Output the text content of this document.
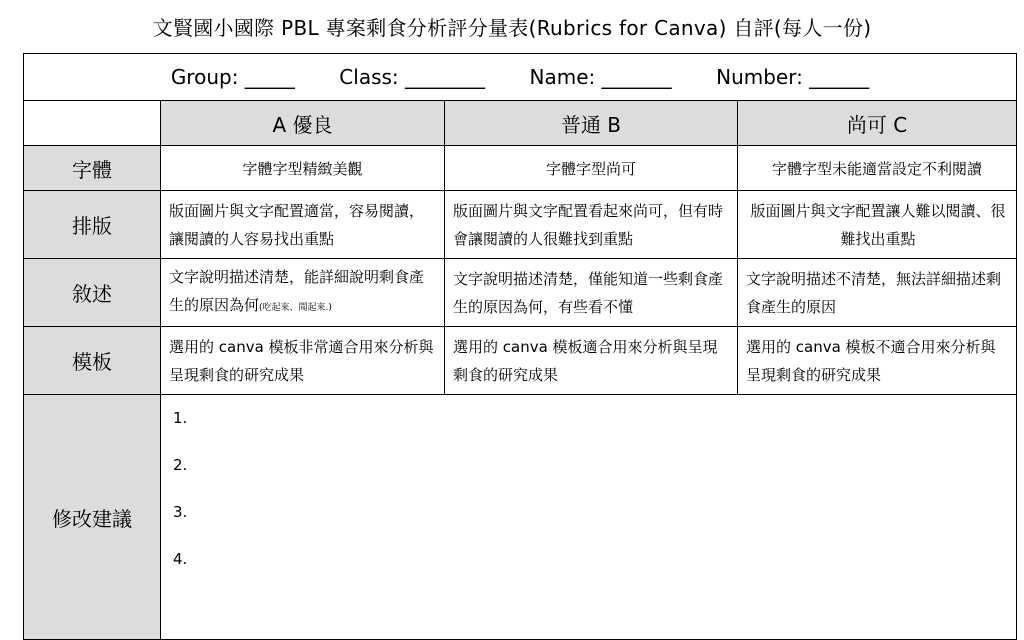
文賢國小國際 PBL 專案剩食分析評分量表(Rubrics for Canva) 自評(每人一份)
Group: _____       Class: ________       Name: _______       Number: ______			
	A 優良	普通 B	尚可 C
字體	字體字型精緻美觀	字體字型尚可	字體字型未能適當設定不利閱讀
排版	版面圖片與文字配置適當，容易閱讀，讓閱讀的人容易找出重點	版面圖片與文字配置看起來尚可，但有時會讓閱讀的人很難找到重點	版面圖片與文字配置讓人難以閱讀、很難找出重點
敘述	文字說明描述清楚，能詳細說明剩食產生的原因為何(吃起來、聞起來.)	文字說明描述清楚，僅能知道一些剩食產生的原因為何，有些看不懂	文字說明描述不清楚，無法詳細描述剩食產生的原因
模板	選用的 canva 模板非常適合用來分析與呈現剩食的研究成果	選用的 canva 模板適合用來分析與呈現剩食的研究成果	選用的 canva 模板不適合用來分析與呈現剩食的研究成果
修改建議	1.
2.
3.
4.		
